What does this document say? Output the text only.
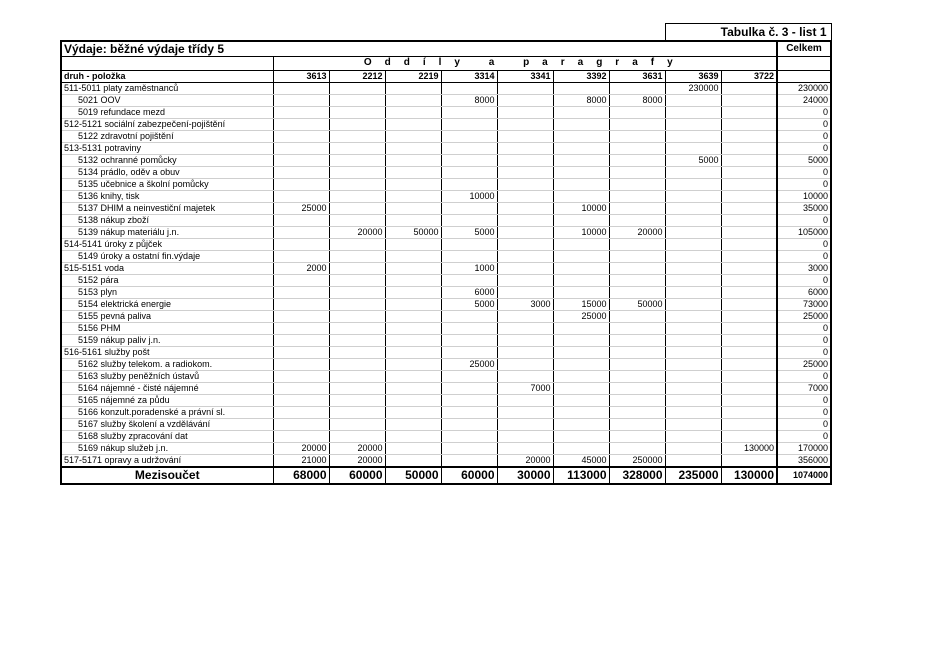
								Tabulka č. 3 - list 1		
Výdaje: běžné výdaje třídy 5										Celkem
	Oddíly a paragrafy									
druh - položka	3613	2212	2219	3314	3341	3392	3631	3639	3722	
511-5011 platy zaměstnanců								230000		230000
5021 OOV				8000		8000	8000			24000
5019 refundace mezd										0
512-5121 sociální zabezpečení-pojištění										0
5122 zdravotní pojištění										0
513-5131 potraviny										0
5132 ochranné pomůcky								5000		5000
5134 prádlo, oděv a obuv										0
5135 učebnice a školní pomůcky										0
5136 knihy, tisk				10000						10000
5137 DHIM a neinvestiční majetek	25000					10000				35000
5138 nákup zboží										0
5139 nákup materiálu j.n.		20000	50000	5000		10000	20000			105000
514-5141 úroky z půjček										0
5149 úroky a ostatní fin.výdaje										0
515-5151 voda	2000			1000						3000
5152 pára										0
5153 plyn				6000						6000
5154 elektrická energie				5000	3000	15000	50000			73000
5155 pevná paliva						25000				25000
5156 PHM										0
5159 nákup paliv j.n.										0
516-5161 služby pošt										0
5162 služby telekom. a radiokom.				25000						25000
5163 služby peněžních ústavů										0
5164 nájemné - čisté nájemné					7000					7000
5165 nájemné za půdu										0
5166 konzult.poradenské a právní sl.										0
5167 služby školení a vzdělávání										0
5168 služby zpracování dat										0
5169 nákup služeb j.n.	20000	20000							130000	170000
517-5171 opravy a udržování	21000	20000			20000	45000	250000			356000
Mezisoučet	68000	60000	50000	60000	30000	113000	328000	235000	130000	1074000
